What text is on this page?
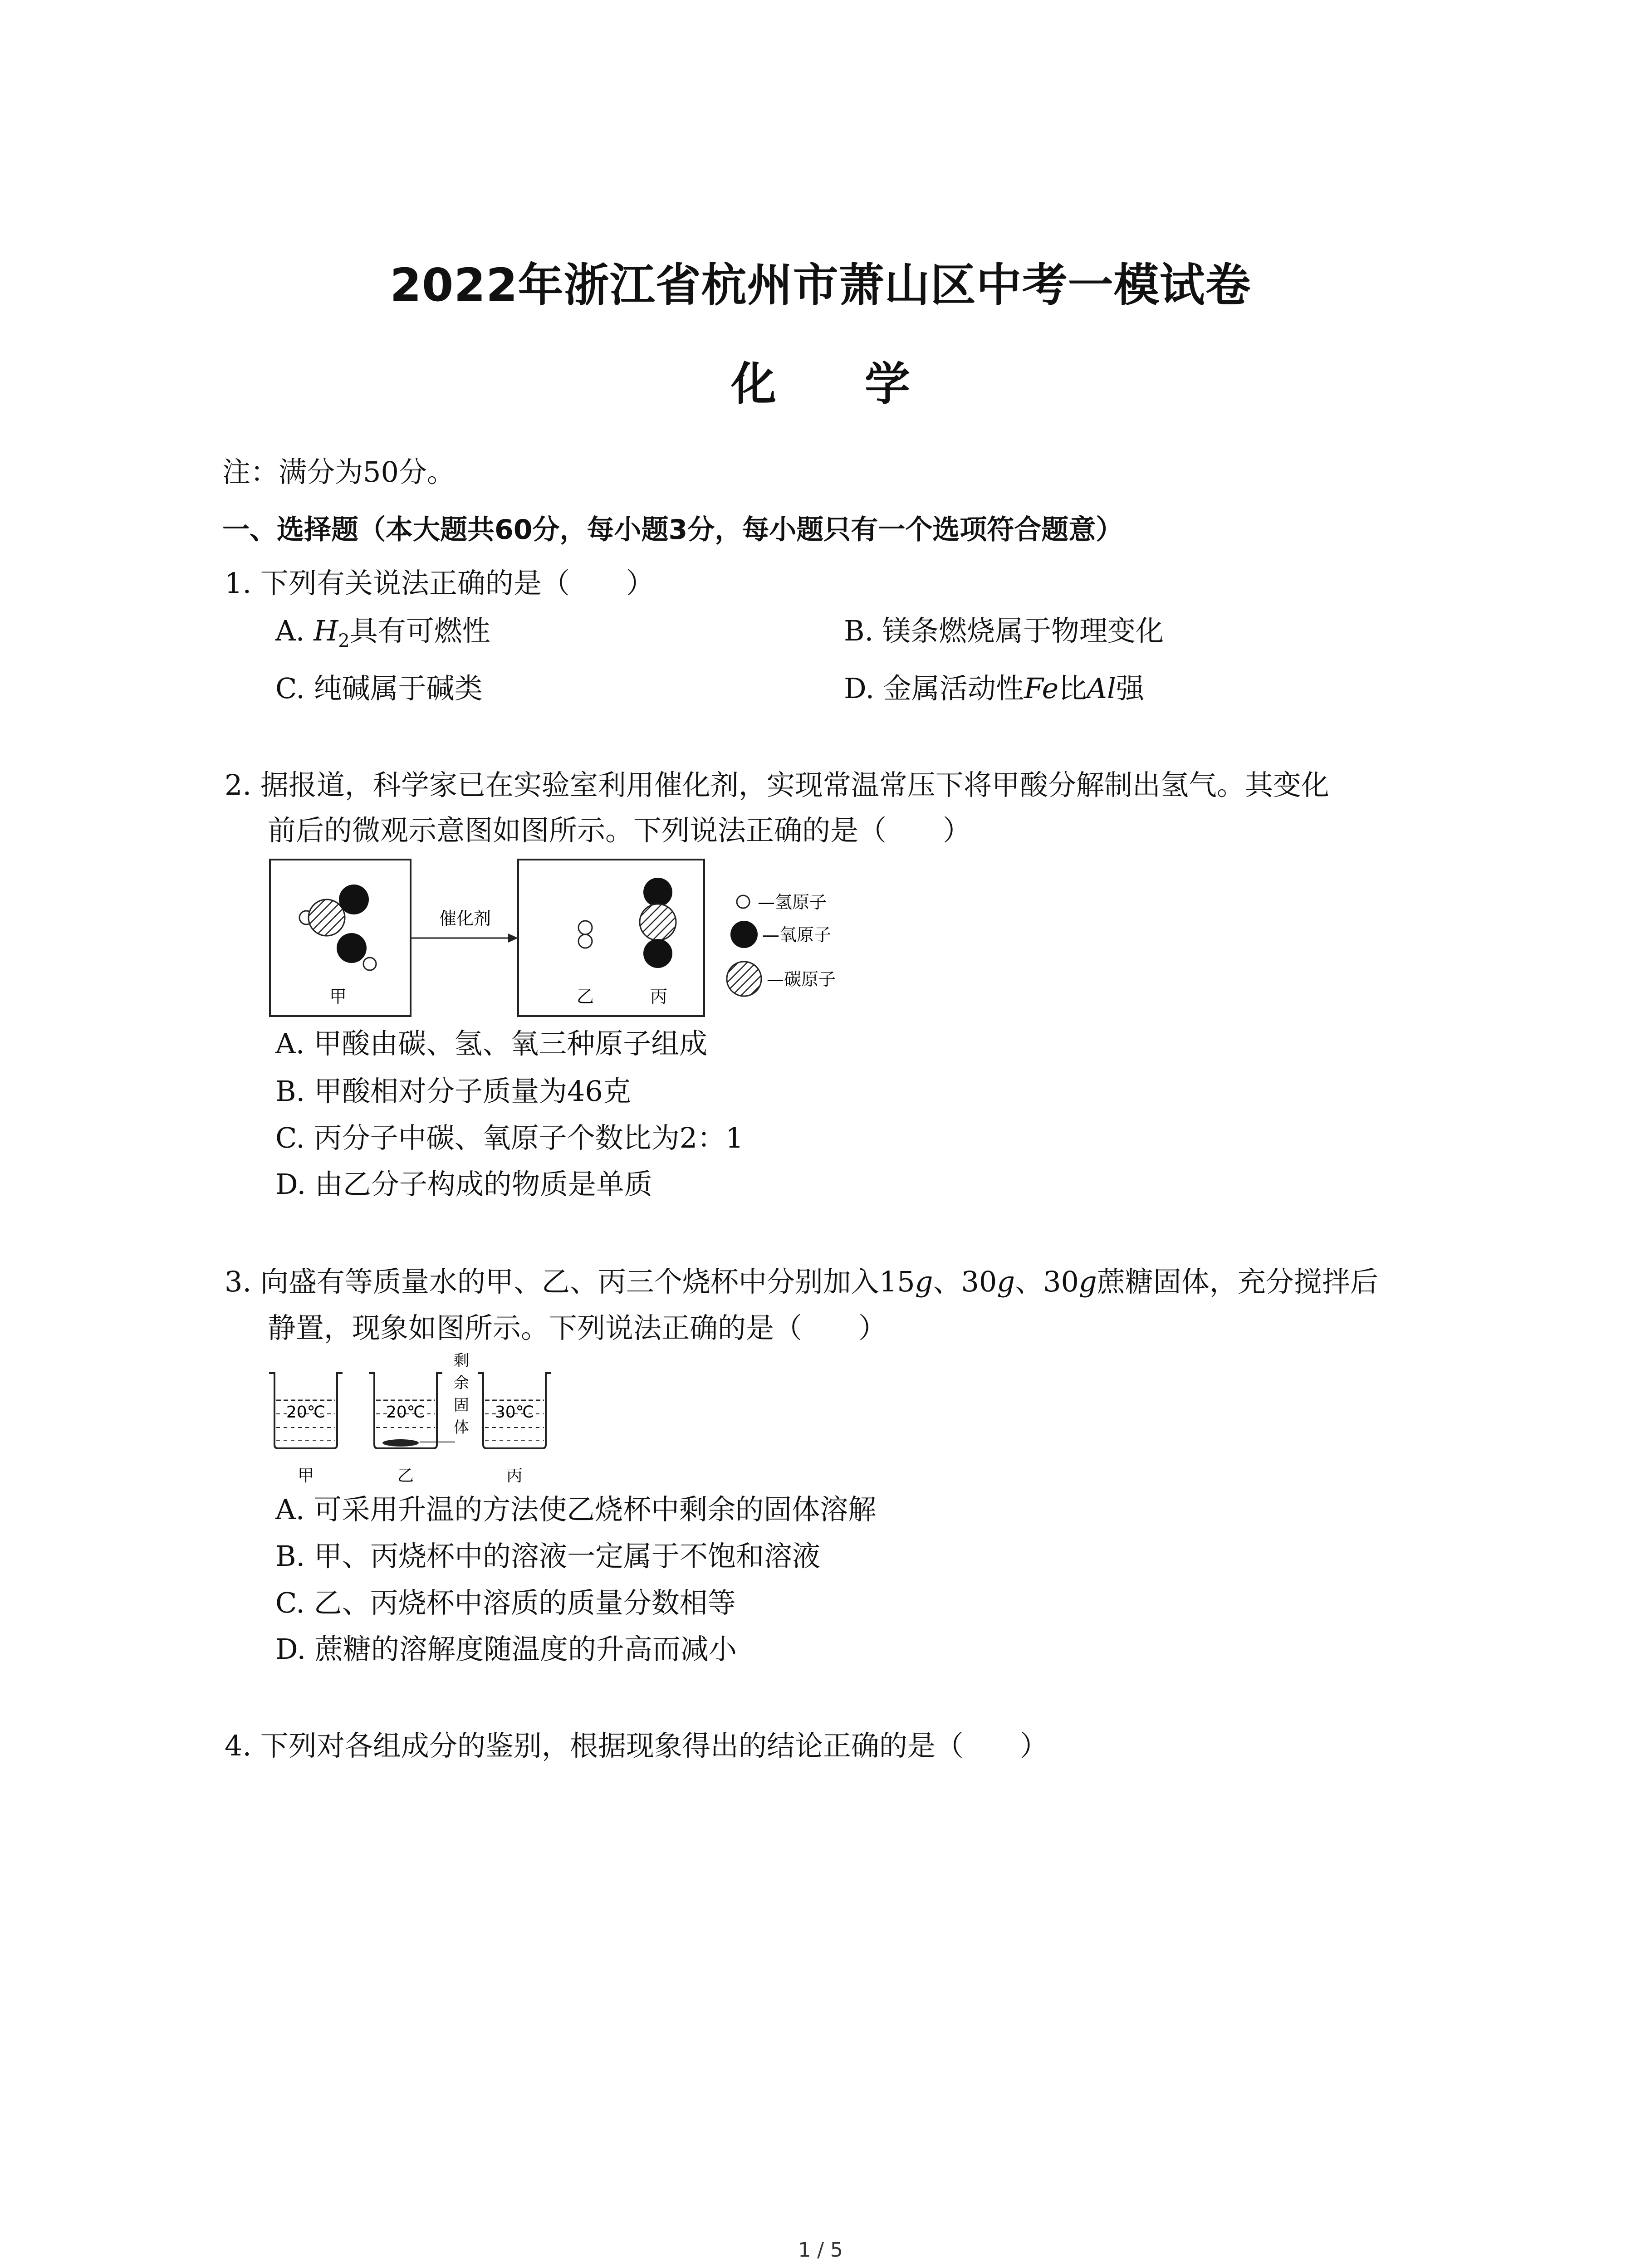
2022年浙江省杭州市萧山区中考一模试卷
化 学
注：满分为50分。
一、选择题（本大题共60分，每小题3分，每小题只有一个选项符合题意）
1. 下列有关说法正确的是（　　）
A. $H_2$具有可燃性	B. 镁条燃烧属于物理变化
C. 纯碱属于碱类	D. 金属活动性Fe比Al强
2. 据报道，科学家已在实验室利用催化剂，实现常温常压下将甲酸分解制出氢气。其变化
前后的微观示意图如图所示。下列说法正确的是（　　）
甲
催化剂
乙	丙
—氢原子
—氧原子
—碳原子
A. 甲酸由碳、氢、氧三种原子组成
B. 甲酸相对分子质量为46克
C. 丙分子中碳、氧原子个数比为2：1
D. 由乙分子构成的物质是单质
3. 向盛有等质量水的甲、乙、丙三个烧杯中分别加入15g、30g、30g蔗糖固体，充分搅拌后
静置，现象如图所示。下列说法正确的是（　　）
20℃
甲
20℃
乙
剩
余
固
体
30℃
丙
A. 可采用升温的方法使乙烧杯中剩余的固体溶解
B. 甲、丙烧杯中的溶液一定属于不饱和溶液
C. 乙、丙烧杯中溶质的质量分数相等
D. 蔗糖的溶解度随温度的升高而减小
4. 下列对各组成分的鉴别，根据现象得出的结论正确的是（　　）
1 / 5
